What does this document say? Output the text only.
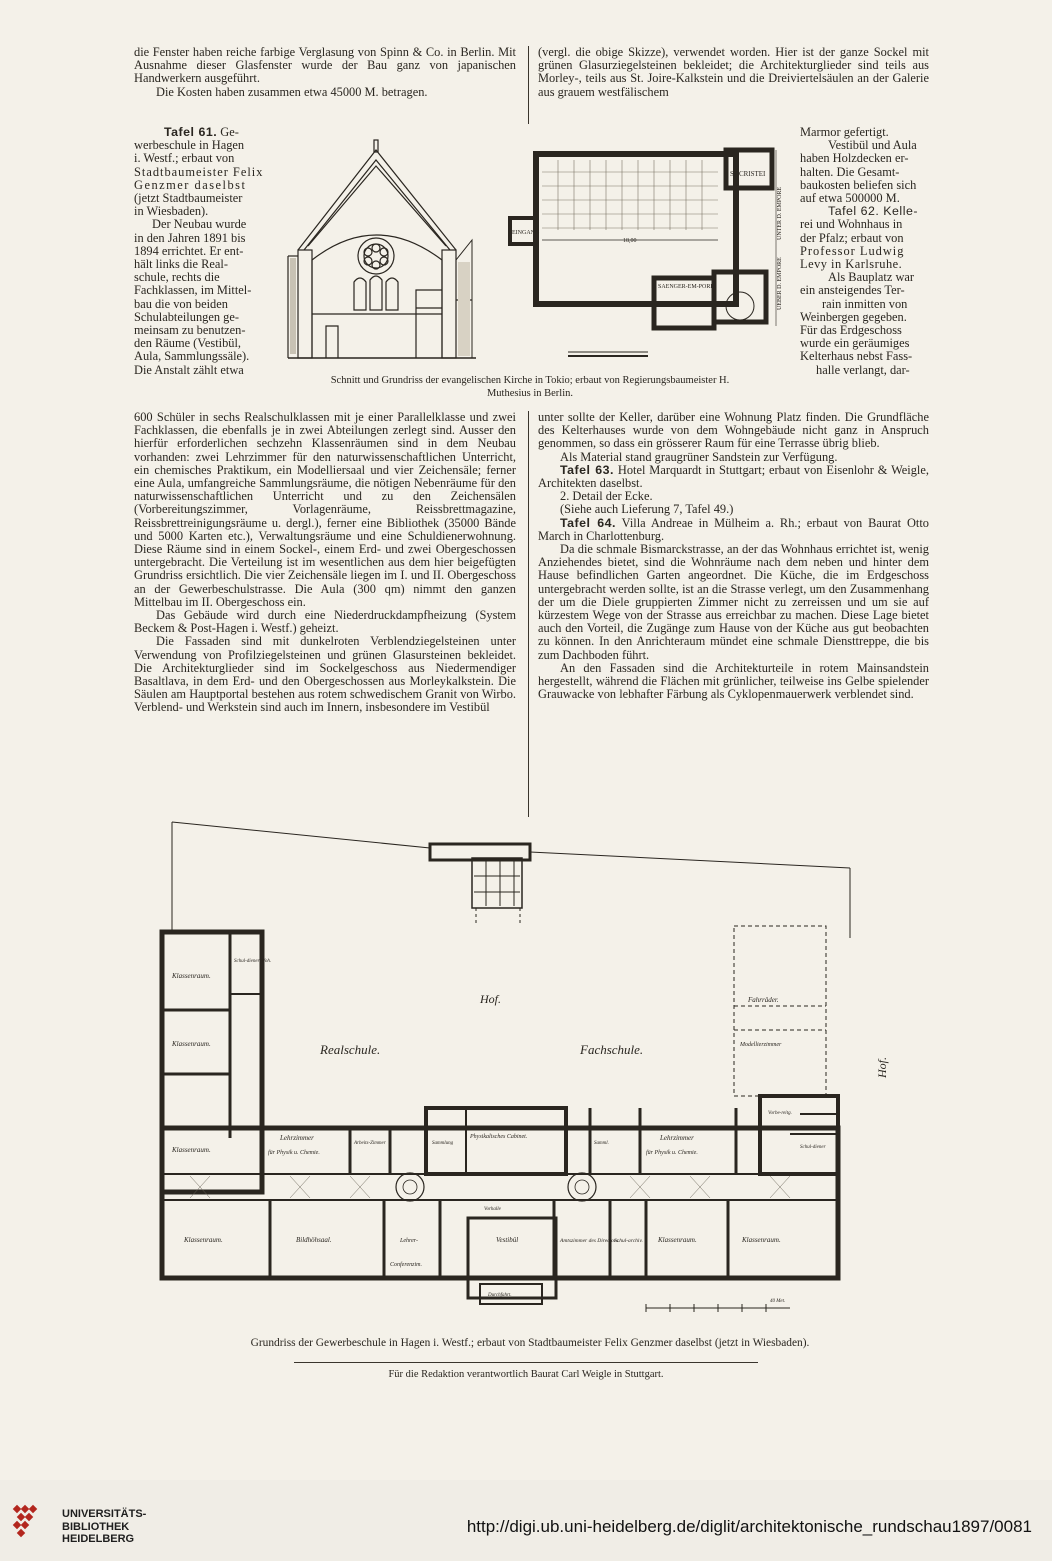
die Fenster haben reiche farbige Verglasung von Spinn & Co. in Berlin. Mit Ausnahme dieser Glasfenster wurde der Bau ganz von japanischen Handwerkern ausgeführt.

Die Kosten haben zusammen etwa 45000 M. betragen.

(vergl. die obige Skizze), verwendet worden. Hier ist der ganze Sockel mit grünen Glasurziegelsteinen bekleidet; die Architekturglieder sind teils aus Morley-, teils aus St. Joire-Kalkstein und die Dreiviertelsäulen an der Galerie aus grauem westfälischem

Tafel 61. Ge-
werbeschule in Hagen
i. Westf.; erbaut von
Stadtbaumeister Felix
Genzmer daselbst
(jetzt Stadtbaumeister
in Wiesbaden).
Der Neubau wurde
in den Jahren 1891 bis
1894 errichtet. Er ent-
hält links die Real-
schule, rechts die
Fachklassen, im Mittel-
bau die von beiden
Schulabteilungen ge-
meinsam zu benutzen-
den Räume (Vestibül,
Aula, Sammlungssäle).
Die Anstalt zählt etwa
Marmor gefertigt.
Vestibül und Aula
haben Holzdecken er-
halten. Die Gesamt-
baukosten beliefen sich
auf etwa 500000 M.
Tafel 62. Kelle-
rei und Wohnhaus in
der Pfalz; erbaut von
Professor Ludwig
Levy in Karlsruhe.
Als Bauplatz war
ein ansteigendes Ter-
rain inmitten von
Weinbergen gegeben.
Für das Erdgeschoss
wurde ein geräumiges
Kelterhaus nebst Fass-
halle verlangt, dar-
SACRISTEI
EINGANG
SAENGER-EM-PORE
18,00
UEBER D. EMPORE
UNTER D. EMPORE
Schnitt und Grundriss der evangelischen Kirche in Tokio; erbaut von Regierungsbaumeister H. Muthesius in Berlin.

600 Schüler in sechs Realschulklassen mit je einer Parallelklasse und zwei Fachklassen, die ebenfalls je in zwei Abteilungen zerlegt sind. Ausser den hierfür erforderlichen sechzehn Klassenräumen sind in dem Neubau vorhanden: zwei Lehrzimmer für den naturwissenschaftlichen Unterricht, ein chemisches Praktikum, ein Modelliersaal und vier Zeichensäle; ferner eine Aula, umfangreiche Sammlungsräume, die nötigen Nebenräume für den naturwissenschaftlichen Unterricht und zu den Zeichensälen (Vorbereitungszimmer, Vorlagenräume, Reissbrettmagazine, Reissbrettreinigungsräume u. dergl.), ferner eine Bibliothek (35000 Bände und 5000 Karten etc.), Verwaltungsräume und eine Schuldienerwohnung. Diese Räume sind in einem Sockel-, einem Erd- und zwei Obergeschossen untergebracht. Die Verteilung ist im wesentlichen aus dem hier beigefügten Grundriss ersichtlich. Die vier Zeichensäle liegen im I. und II. Obergeschoss an der Gewerbeschulstrasse. Die Aula (300 qm) nimmt den ganzen Mittelbau im II. Obergeschoss ein.

Das Gebäude wird durch eine Niederdruckdampfheizung (System Beckem & Post-Hagen i. Westf.) geheizt.

Die Fassaden sind mit dunkelroten Verblendziegelsteinen unter Verwendung von Profilziegelsteinen und grünen Glasursteinen bekleidet. Die Architekturglieder sind im Sockelgeschoss aus Niedermendiger Basaltlava, in dem Erd- und den Obergeschossen aus Morleykalkstein. Die Säulen am Hauptportal bestehen aus rotem schwedischem Granit von Wirbo. Verblend- und Werkstein sind auch im Innern, insbesondere im Vestibül

unter sollte der Keller, darüber eine Wohnung Platz finden. Die Grundfläche des Kelterhauses wurde von dem Wohngebäude nicht ganz in Anspruch genommen, so dass ein grösserer Raum für eine Terrasse übrig blieb.

Als Material stand graugrüner Sandstein zur Verfügung.

Tafel 63. Hotel Marquardt in Stuttgart; erbaut von Eisenlohr & Weigle, Architekten daselbst.

2. Detail der Ecke.

(Siehe auch Lieferung 7, Tafel 49.)

Tafel 64. Villa Andreae in Mülheim a. Rh.; erbaut von Baurat Otto March in Charlottenburg.

Da die schmale Bismarckstrasse, an der das Wohnhaus errichtet ist, wenig Anziehendes bietet, sind die Wohnräume nach dem neben und hinter dem Hause befindlichen Garten angeordnet. Die Küche, die im Erdgeschoss untergebracht werden sollte, ist an die Strasse verlegt, um den Zusammenhang der um die Diele gruppierten Zimmer nicht zu zerreissen und um sie auf kürzestem Wege von der Strasse aus erreichbar zu machen. Diese Lage bietet auch den Vorteil, die Zugänge zum Hause von der Küche aus gut beobachten zu können. In den Anrichteraum mündet eine schmale Diensttreppe, die bis zum Dachboden führt.

An den Fassaden sind die Architekturteile in rotem Mainsandstein hergestellt, während die Flächen mit grünlicher, teilweise ins Gelbe spielender Grauwacke von lebhafter Färbung als Cyklopenmauerwerk verblendet sind.

Hof.
Hof.
Realschule.	Fachschule.
Klassenraum.
Klassenraum.
Klassenraum.
Schul-diener-Woh.
Lehrzimmer
für Physik u. Chemie.
Arbeits-Zimmer	Sammlung
Physikalisches Cabinet.
Samml.
Lehrzimmer
für Physik u. Chemie.
Klassenraum.	Bildhöhsaal.	Lehrer-
Conferenzim.
Vestibül	Amtszimmer des Directors.
Schul-archiv. Klassenraum.	Klassenraum.
Fahrräder.
Modellierzimmer
Vorbe-reitg.
Schul-diener
Durchfahrt.
Vorhalle
40 Met.
Grundriss der Gewerbeschule in Hagen i. Westf.; erbaut von Stadtbaumeister Felix Genzmer daselbst (jetzt in Wiesbaden).
Für die Redaktion verantwortlich Baurat Carl Weigle in Stuttgart.
UNIVERSITÄTS-
BIBLIOTHEK
HEIDELBERG
http://digi.ub.uni-heidelberg.de/diglit/architektonische_rundschau1897/0081
